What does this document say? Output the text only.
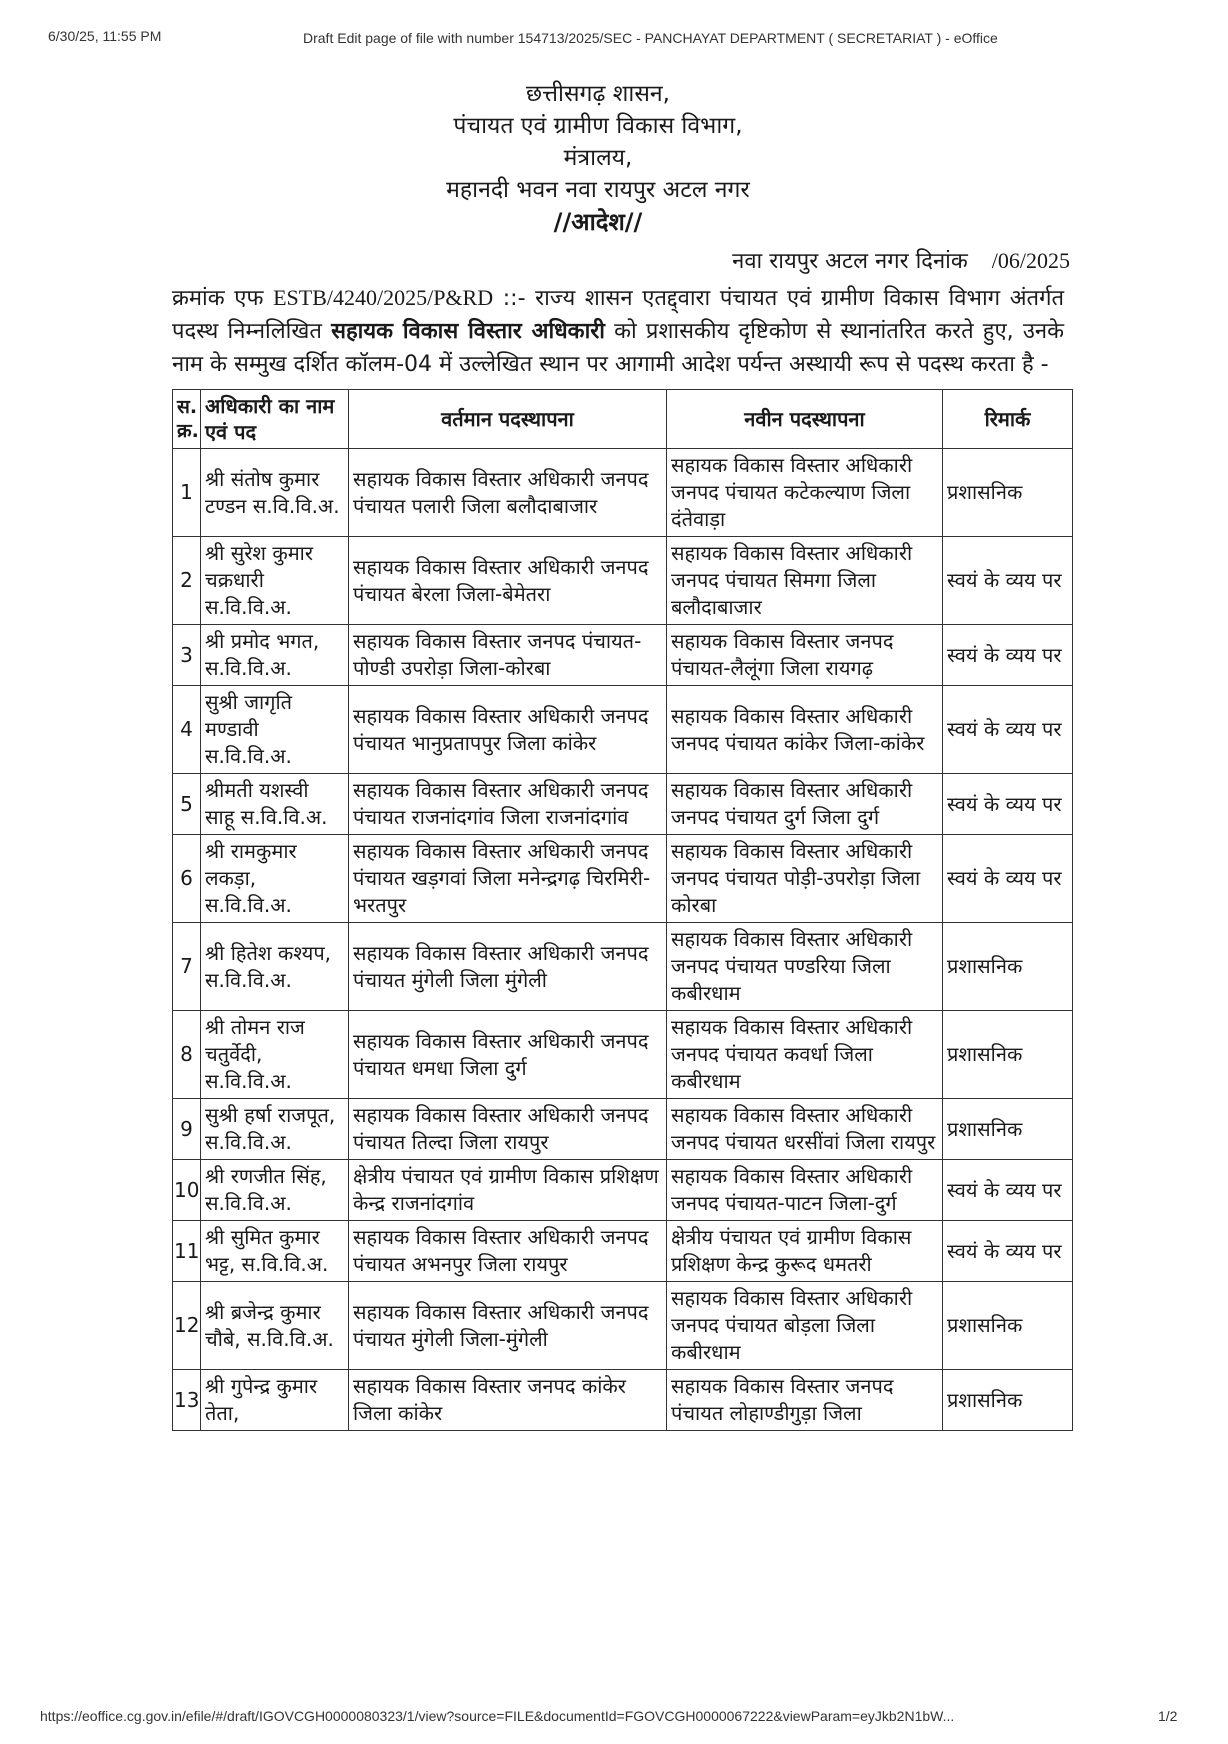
6/30/25, 11:55 PM	Draft Edit page of file with number 154713/2025/SEC - PANCHAYAT DEPARTMENT ( SECRETARIAT ) - eOffice
छत्तीसगढ़ शासन,
पंचायत एवं ग्रामीण विकास विभाग,
मंत्रालय,
महानदी भवन नवा रायपुर अटल नगर
//आदेश//
नवा रायपुर अटल नगर दिनांक /06/2025
क्रमांक एफ ESTB/4240/2025/P&RD ::- राज्य शासन एतद्द्वारा पंचायत एवं ग्रामीण विकास विभाग अंतर्गत पदस्थ निम्नलिखित सहायक विकास विस्तार अधिकारी को प्रशासकीय दृष्टिकोण से स्थानांतरित करते हुए, उनके नाम के सम्मुख दर्शित कॉलम-04 में उल्लेखित स्थान पर आगामी आदेश पर्यन्त अस्थायी रूप से पदस्थ करता है -
स. क्र.	अधिकारी का नाम एवं पद	वर्तमान पदस्थापना	नवीन पदस्थापना	रिमार्क
1	श्री संतोष कुमार टण्डन स.वि.वि.अ.	सहायक विकास विस्तार अधिकारी जनपद पंचायत पलारी जिला बलौदाबाजार	सहायक विकास विस्तार अधिकारी जनपद पंचायत कटेकल्याण जिला दंतेवाड़ा	प्रशासनिक
2	श्री सुरेश कुमार चक्रधारी स.वि.वि.अ.	सहायक विकास विस्तार अधिकारी जनपद पंचायत बेरला जिला-बेमेतरा	सहायक विकास विस्तार अधिकारी जनपद पंचायत सिमगा जिला बलौदाबाजार	स्वयं के व्यय पर
3	श्री प्रमोद भगत, स.वि.वि.अ.	सहायक विकास विस्तार जनपद पंचायत-पोण्डी उपरोड़ा जिला-कोरबा	सहायक विकास विस्तार जनपद पंचायत-लैलूंगा जिला रायगढ़	स्वयं के व्यय पर
4	सुश्री जागृति मण्डावी स.वि.वि.अ.	सहायक विकास विस्तार अधिकारी जनपद पंचायत भानुप्रतापपुर जिला कांकेर	सहायक विकास विस्तार अधिकारी जनपद पंचायत कांकेर जिला-कांकेर	स्वयं के व्यय पर
5	श्रीमती यशस्वी साहू स.वि.वि.अ.	सहायक विकास विस्तार अधिकारी जनपद पंचायत राजनांदगांव जिला राजनांदगांव	सहायक विकास विस्तार अधिकारी जनपद पंचायत दुर्ग जिला दुर्ग	स्वयं के व्यय पर
6	श्री रामकुमार लकड़ा, स.वि.वि.अ.	सहायक विकास विस्तार अधिकारी जनपद पंचायत खड़गवां जिला मनेन्द्रगढ़ चिरमिरी-भरतपुर	सहायक विकास विस्तार अधिकारी जनपद पंचायत पोड़ी-उपरोड़ा जिला कोरबा	स्वयं के व्यय पर
7	श्री हितेश कश्यप, स.वि.वि.अ.	सहायक विकास विस्तार अधिकारी जनपद पंचायत मुंगेली जिला मुंगेली	सहायक विकास विस्तार अधिकारी जनपद पंचायत पण्डरिया जिला कबीरधाम	प्रशासनिक
8	श्री तोमन राज चतुर्वेदी, स.वि.वि.अ.	सहायक विकास विस्तार अधिकारी जनपद पंचायत धमधा जिला दुर्ग	सहायक विकास विस्तार अधिकारी जनपद पंचायत कवर्धा जिला कबीरधाम	प्रशासनिक
9	सुश्री हर्षा राजपूत, स.वि.वि.अ.	सहायक विकास विस्तार अधिकारी जनपद पंचायत तिल्दा जिला रायपुर	सहायक विकास विस्तार अधिकारी जनपद पंचायत धरसींवां जिला रायपुर	प्रशासनिक
10	श्री रणजीत सिंह, स.वि.वि.अ.	क्षेत्रीय पंचायत एवं ग्रामीण विकास प्रशिक्षण केन्द्र राजनांदगांव	सहायक विकास विस्तार अधिकारी जनपद पंचायत-पाटन जिला-दुर्ग	स्वयं के व्यय पर
11	श्री सुमित कुमार भट्ट, स.वि.वि.अ.	सहायक विकास विस्तार अधिकारी जनपद पंचायत अभनपुर जिला रायपुर	क्षेत्रीय पंचायत एवं ग्रामीण विकास प्रशिक्षण केन्द्र कुरूद धमतरी	स्वयं के व्यय पर
12	श्री ब्रजेन्द्र कुमार चौबे, स.वि.वि.अ.	सहायक विकास विस्तार अधिकारी जनपद पंचायत मुंगेली जिला-मुंगेली	सहायक विकास विस्तार अधिकारी जनपद पंचायत बोड़ला जिला कबीरधाम	प्रशासनिक
13	श्री गुपेन्द्र कुमार तेता,	सहायक विकास विस्तार जनपद कांकेर जिला कांकेर	सहायक विकास विस्तार जनपद पंचायत लोहाण्डीगुड़ा जिला	प्रशासनिक
https://eoffice.cg.gov.in/efile/#/draft/IGOVCGH0000080323/1/view?source=FILE&documentId=FGOVCGH0000067222&viewParam=eyJkb2N1bW...	1/2
